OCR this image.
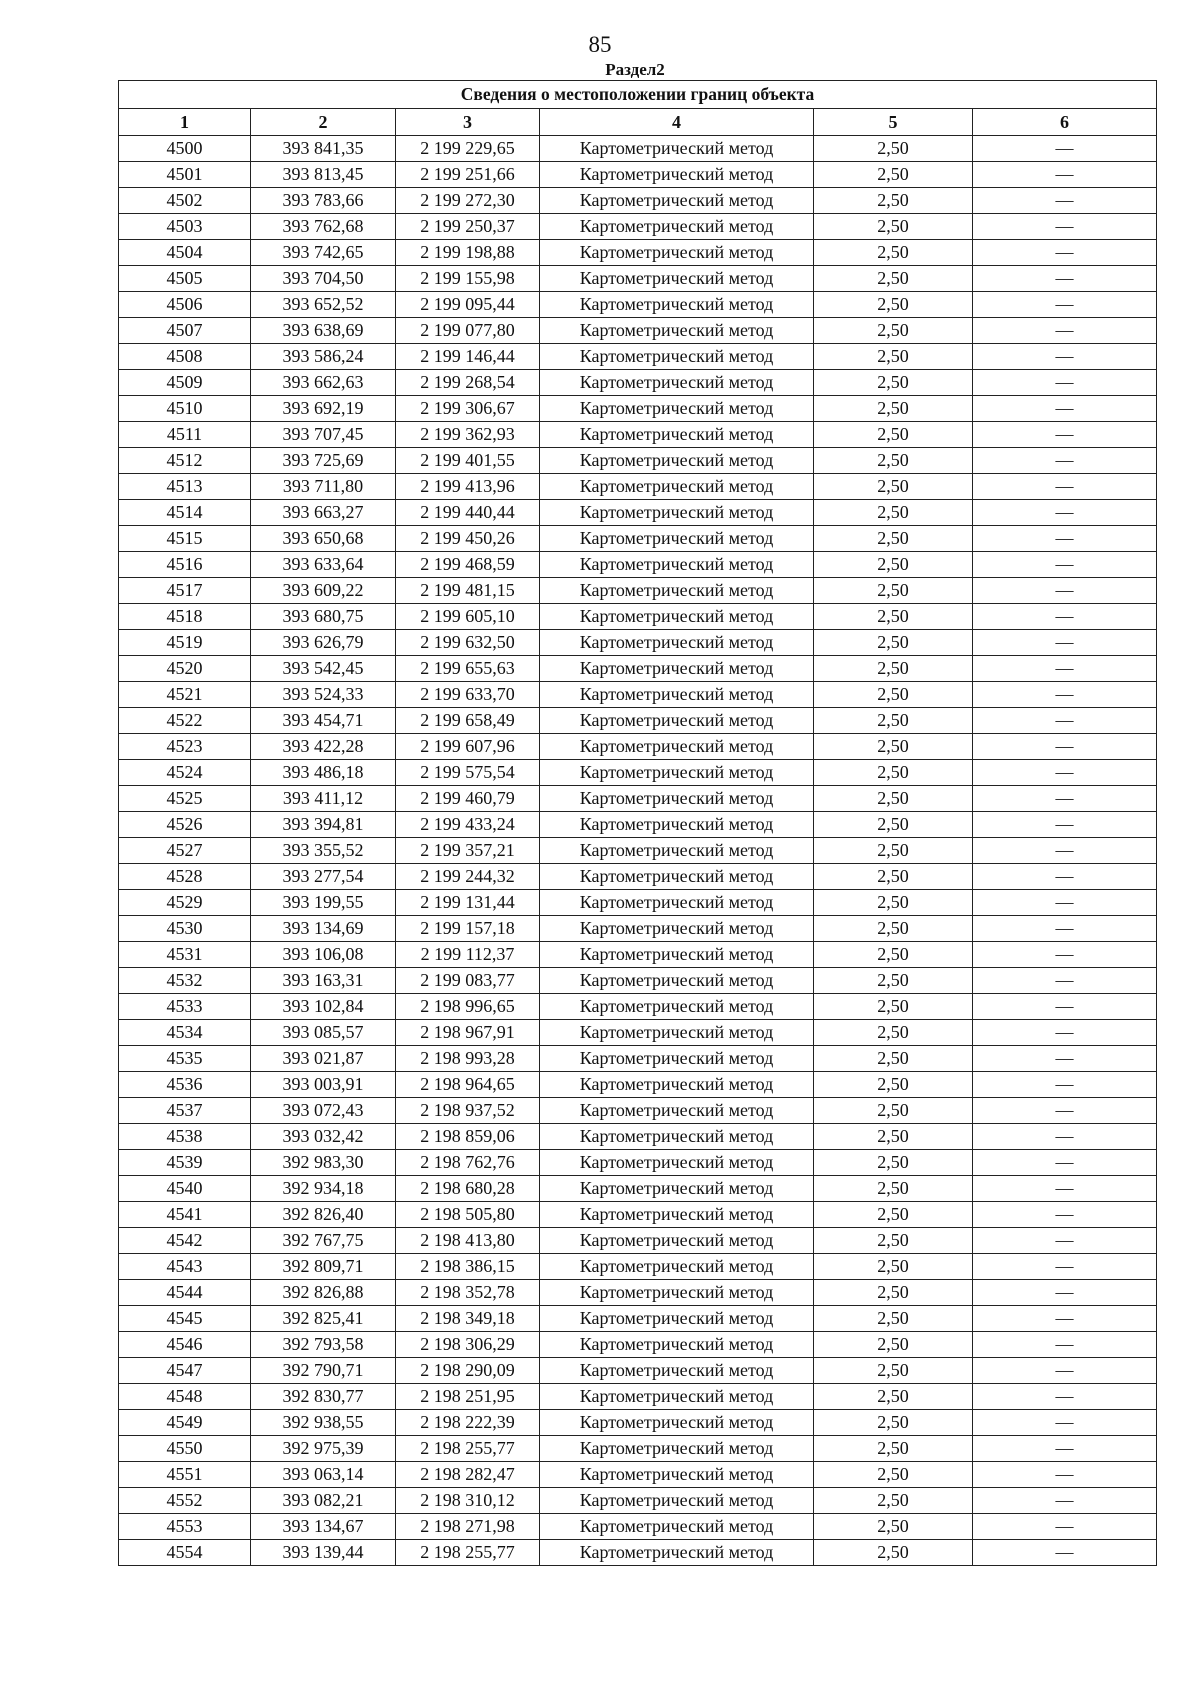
85
Раздел2
Сведения о местоположении границ объекта					
1	2	3	4	5	6
4500	393 841,35	2 199 229,65	Картометрический метод	2,50	—
4501	393 813,45	2 199 251,66	Картометрический метод	2,50	—
4502	393 783,66	2 199 272,30	Картометрический метод	2,50	—
4503	393 762,68	2 199 250,37	Картометрический метод	2,50	—
4504	393 742,65	2 199 198,88	Картометрический метод	2,50	—
4505	393 704,50	2 199 155,98	Картометрический метод	2,50	—
4506	393 652,52	2 199 095,44	Картометрический метод	2,50	—
4507	393 638,69	2 199 077,80	Картометрический метод	2,50	—
4508	393 586,24	2 199 146,44	Картометрический метод	2,50	—
4509	393 662,63	2 199 268,54	Картометрический метод	2,50	—
4510	393 692,19	2 199 306,67	Картометрический метод	2,50	—
4511	393 707,45	2 199 362,93	Картометрический метод	2,50	—
4512	393 725,69	2 199 401,55	Картометрический метод	2,50	—
4513	393 711,80	2 199 413,96	Картометрический метод	2,50	—
4514	393 663,27	2 199 440,44	Картометрический метод	2,50	—
4515	393 650,68	2 199 450,26	Картометрический метод	2,50	—
4516	393 633,64	2 199 468,59	Картометрический метод	2,50	—
4517	393 609,22	2 199 481,15	Картометрический метод	2,50	—
4518	393 680,75	2 199 605,10	Картометрический метод	2,50	—
4519	393 626,79	2 199 632,50	Картометрический метод	2,50	—
4520	393 542,45	2 199 655,63	Картометрический метод	2,50	—
4521	393 524,33	2 199 633,70	Картометрический метод	2,50	—
4522	393 454,71	2 199 658,49	Картометрический метод	2,50	—
4523	393 422,28	2 199 607,96	Картометрический метод	2,50	—
4524	393 486,18	2 199 575,54	Картометрический метод	2,50	—
4525	393 411,12	2 199 460,79	Картометрический метод	2,50	—
4526	393 394,81	2 199 433,24	Картометрический метод	2,50	—
4527	393 355,52	2 199 357,21	Картометрический метод	2,50	—
4528	393 277,54	2 199 244,32	Картометрический метод	2,50	—
4529	393 199,55	2 199 131,44	Картометрический метод	2,50	—
4530	393 134,69	2 199 157,18	Картометрический метод	2,50	—
4531	393 106,08	2 199 112,37	Картометрический метод	2,50	—
4532	393 163,31	2 199 083,77	Картометрический метод	2,50	—
4533	393 102,84	2 198 996,65	Картометрический метод	2,50	—
4534	393 085,57	2 198 967,91	Картометрический метод	2,50	—
4535	393 021,87	2 198 993,28	Картометрический метод	2,50	—
4536	393 003,91	2 198 964,65	Картометрический метод	2,50	—
4537	393 072,43	2 198 937,52	Картометрический метод	2,50	—
4538	393 032,42	2 198 859,06	Картометрический метод	2,50	—
4539	392 983,30	2 198 762,76	Картометрический метод	2,50	—
4540	392 934,18	2 198 680,28	Картометрический метод	2,50	—
4541	392 826,40	2 198 505,80	Картометрический метод	2,50	—
4542	392 767,75	2 198 413,80	Картометрический метод	2,50	—
4543	392 809,71	2 198 386,15	Картометрический метод	2,50	—
4544	392 826,88	2 198 352,78	Картометрический метод	2,50	—
4545	392 825,41	2 198 349,18	Картометрический метод	2,50	—
4546	392 793,58	2 198 306,29	Картометрический метод	2,50	—
4547	392 790,71	2 198 290,09	Картометрический метод	2,50	—
4548	392 830,77	2 198 251,95	Картометрический метод	2,50	—
4549	392 938,55	2 198 222,39	Картометрический метод	2,50	—
4550	392 975,39	2 198 255,77	Картометрический метод	2,50	—
4551	393 063,14	2 198 282,47	Картометрический метод	2,50	—
4552	393 082,21	2 198 310,12	Картометрический метод	2,50	—
4553	393 134,67	2 198 271,98	Картометрический метод	2,50	—
4554	393 139,44	2 198 255,77	Картометрический метод	2,50	—
